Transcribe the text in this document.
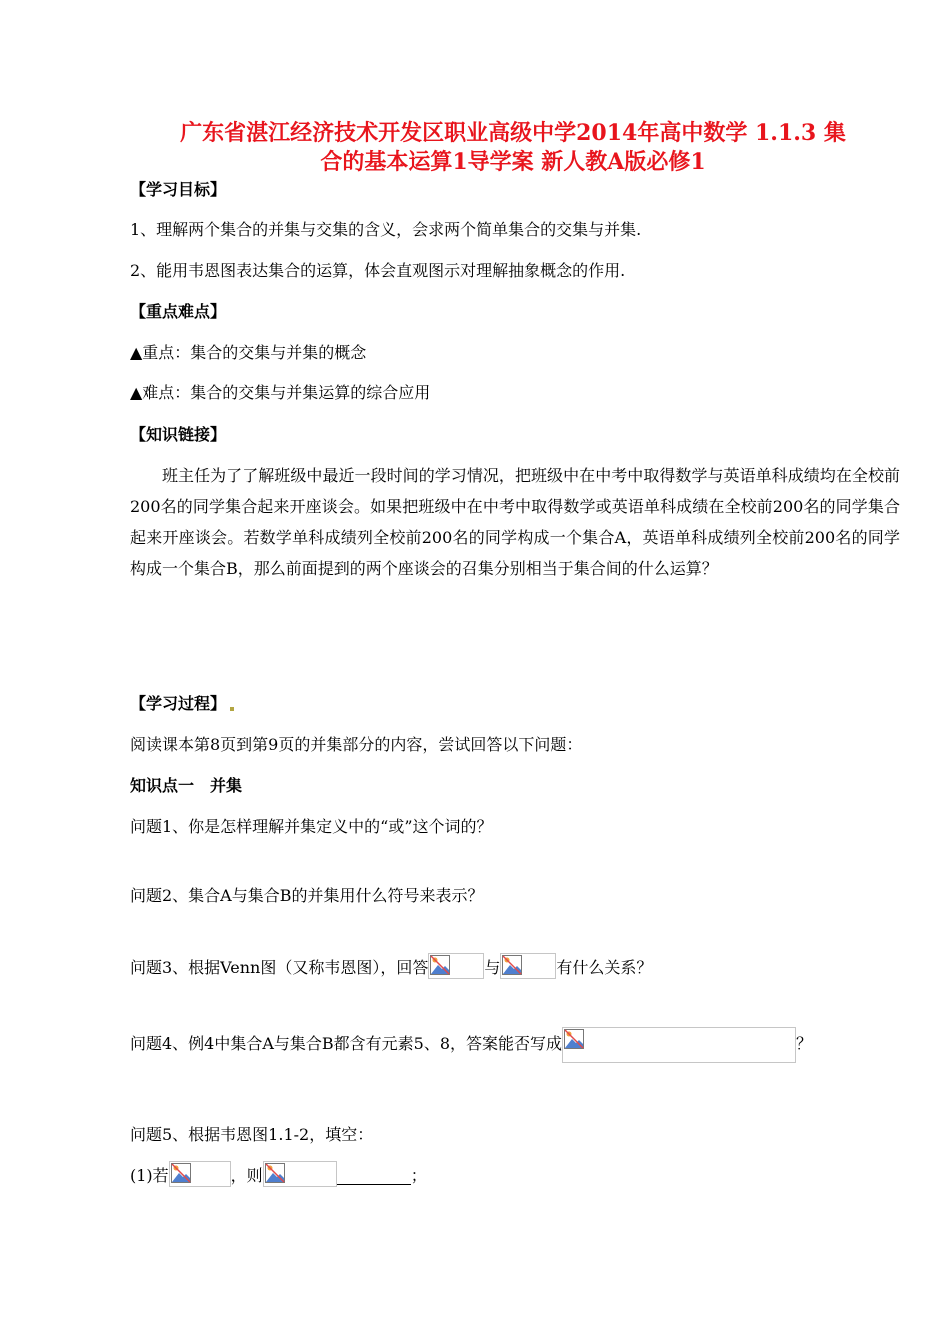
广东省湛江经济技术开发区职业高级中学2014年高中数学 1.1.3 集
合的基本运算1导学案 新人教A版必修1
【学习目标】
1、理解两个集合的并集与交集的含义，会求两个简单集合的交集与并集.
2、能用韦恩图表达集合的运算，体会直观图示对理解抽象概念的作用.
【重点难点】
▲重点：集合的交集与并集的概念
▲难点：集合的交集与并集运算的综合应用
【知识链接】
班主任为了了解班级中最近一段时间的学习情况，把班级中在中考中取得数学与英语单科成绩均在全校前200名的同学集合起来开座谈会。如果把班级中在中考中取得数学或英语单科成绩在全校前200名的同学集合起来开座谈会。若数学单科成绩列全校前200名的同学构成一个集合A，英语单科成绩列全校前200名的同学构成一个集合B，那么前面提到的两个座谈会的召集分别相当于集合间的什么运算？
【学习过程】
阅读课本第8页到第9页的并集部分的内容，尝试回答以下问题：
知识点一　并集
问题1、你是怎样理解并集定义中的“或”这个词的？
问题2、集合A与集合B的并集用什么符号来表示？
问题3、根据Venn图（又称韦恩图），回答	与	有什么关系？
问题4、例4中集合A与集合B都含有元素5、8，答案能否写成	？
问题5、根据韦恩图1.1-2，填空：
(1)若	，则	；
